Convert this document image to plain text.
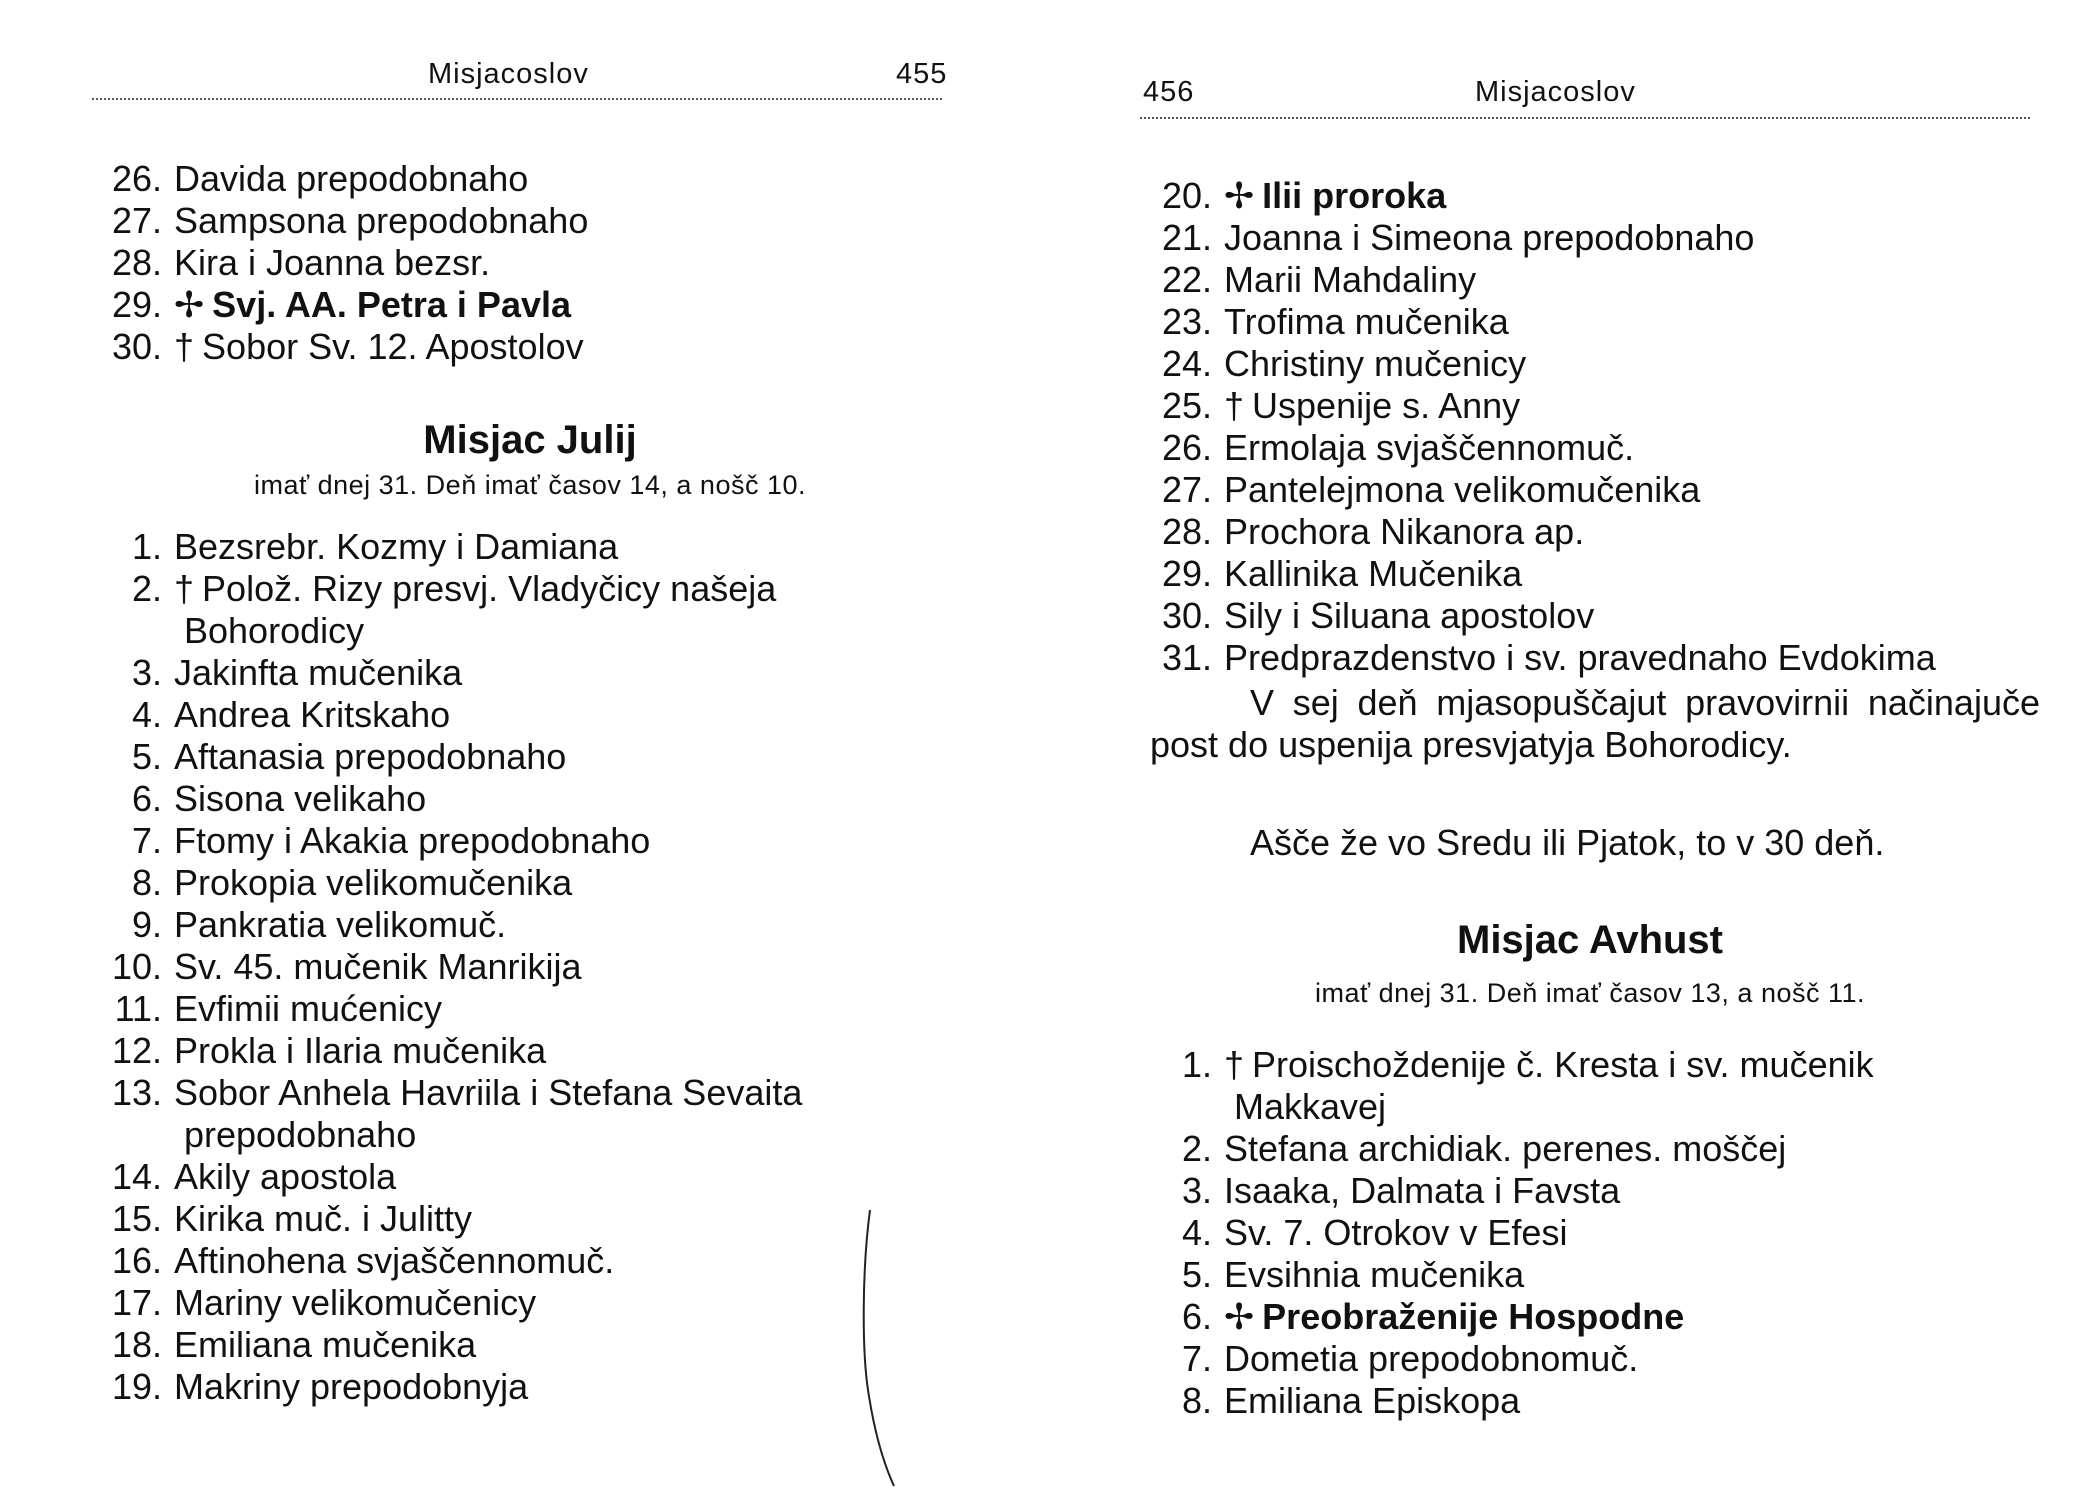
Misjacoslov	455
26. Davida prepodobnaho
27. Sampsona prepodobnaho
28. Kira i Joanna bezsr.
29. ✢ Svj. AA. Petra i Pavla
30. † Sobor Sv. 12. Apostolov
Misjac Julij
imať dnej 31. Deň imať časov 14, a nošč 10.
1. Bezsrebr. Kozmy i Damiana
2. † Polož. Rizy presvj. Vladyčicy našeja
Bohorodicy
3. Jakinfta mučenika
4. Andrea Kritskaho
5. Aftanasia prepodobnaho
6. Sisona velikaho
7. Ftomy i Akakia prepodobnaho
8. Prokopia velikomučenika
9. Pankratia velikomuč.
10. Sv. 45. mučenik Manrikija
11. Evfimii mućenicy
12. Prokla i Ilaria mučenika
13. Sobor Anhela Havriila i Stefana Sevaita
prepodobnaho
14. Akily apostola
15. Kirika muč. i Julitty
16. Aftinohena svjaščennomuč.
17. Mariny velikomučenicy
18. Emiliana mučenika
19. Makriny prepodobnyja
456	Misjacoslov
20. ✢ Ilii proroka
21. Joanna i Simeona prepodobnaho
22. Marii Mahdaliny
23. Trofima mučenika
24. Christiny mučenicy
25. † Uspenije s. Anny
26. Ermolaja svjaščennomuč.
27. Pantelejmona velikomučenika
28. Prochora Nikanora ap.
29. Kallinika Mučenika
30. Sily i Siluana apostolov
31. Predprazdenstvo i sv. pravednaho Evdokima
V sej deň mjasopuščajut pravovirnii načinajuče post do uspenija presvjatyja Bohorodicy.
Ašče že vo Sredu ili Pjatok, to v 30 deň.
Misjac Avhust
imať dnej 31. Deň imať časov 13, a nošč 11.
1. † Proischoždenije č. Kresta i sv. mučenik
Makkavej
2. Stefana archidiak. perenes. moščej
3. Isaaka, Dalmata i Favsta
4. Sv. 7. Otrokov v Efesi
5. Evsihnia mučenika
6. ✢ Preobraženije Hospodne
7. Dometia prepodobnomuč.
8. Emiliana Episkopa
